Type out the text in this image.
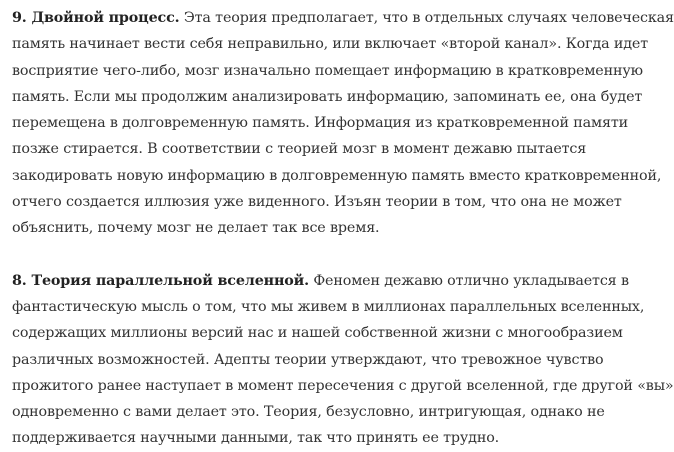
9. Двойной процесс. Эта теория предполагает, что в отдельных случаях человеческая
память начинает вести себя неправильно, или включает «второй канал». Когда идет
восприятие чего-либо, мозг изначально помещает информацию в кратковременную
память. Если мы продолжим анализировать информацию, запоминать ее, она будет
перемещена в долговременную память. Информация из кратковременной памяти
позже стирается. В соответствии с теорией мозг в момент дежавю пытается
закодировать новую информацию в долговременную память вместо кратковременной,
отчего создается иллюзия уже виденного. Изъян теории в том, что она не может
объяснить, почему мозг не делает так все время.

8. Теория параллельной вселенной. Феномен дежавю отлично укладывается в
фантастическую мысль о том, что мы живем в миллионах параллельных вселенных,
содержащих миллионы версий нас и нашей собственной жизни с многообразием
различных возможностей. Адепты теории утверждают, что тревожное чувство
прожитого ранее наступает в момент пересечения с другой вселенной, где другой «вы»
одновременно с вами делает это. Теория, безусловно, интригующая, однако не
поддерживается научными данными, так что принять ее трудно.
